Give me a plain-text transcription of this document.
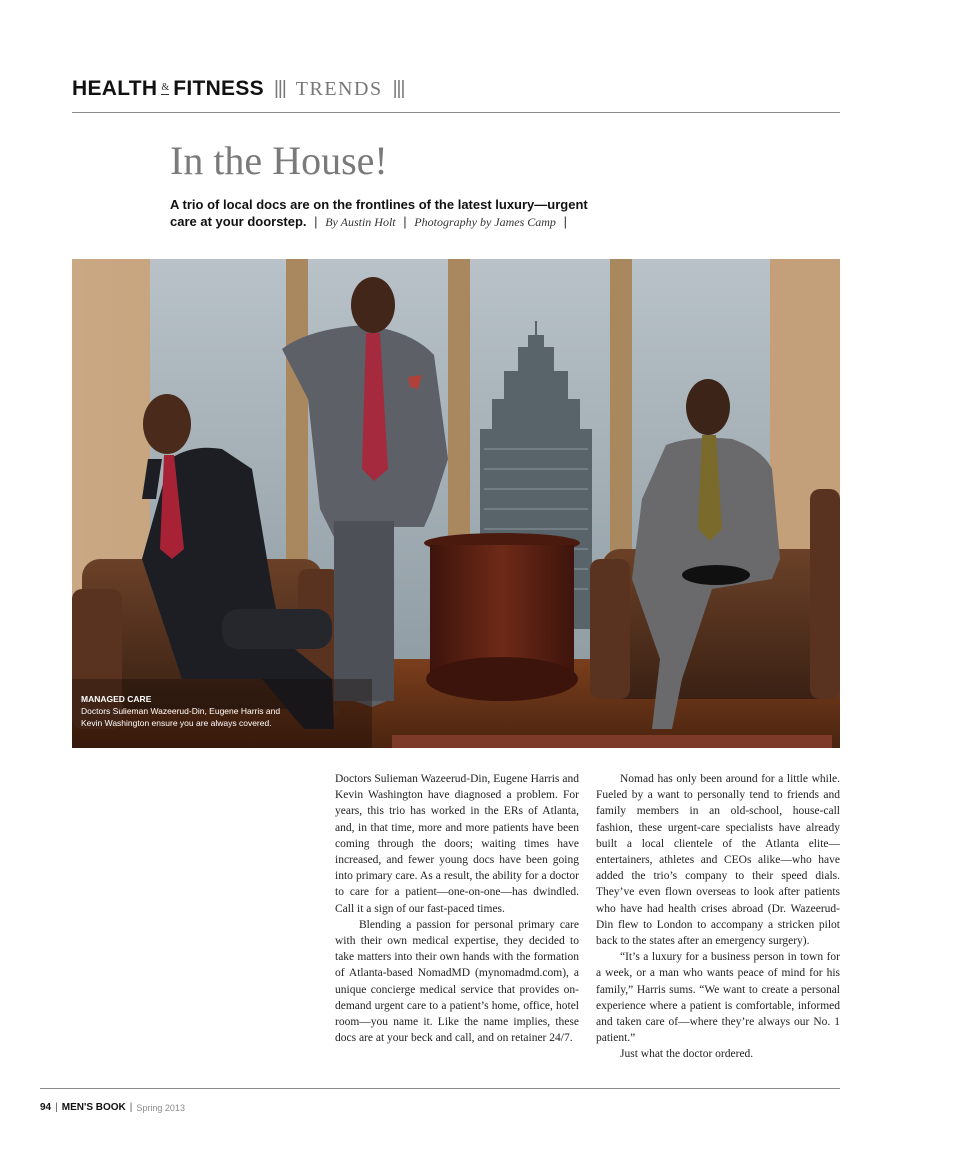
HEALTH & FITNESS ||| TRENDS |||
In the House!
A trio of local docs are on the frontlines of the latest luxury—urgent care at your doorstep. | By Austin Holt | Photography by James Camp |
MANAGED CARE
Doctors Sulieman Wazeerud-Din, Eugene Harris and Kevin Washington ensure you are always covered.

Doctors Sulieman Wazeerud-Din, Eugene Harris and Kevin Washington have diagnosed a problem. For years, this trio has worked in the ERs of Atlanta, and, in that time, more and more patients have been coming through the doors; waiting times have increased, and fewer young docs have been going into primary care. As a result, the ability for a doctor to care for a patient—one-on-one—has dwindled. Call it a sign of our fast-paced times.

Blending a passion for personal primary care with their own medical expertise, they decided to take matters into their own hands with the formation of Atlanta-based NomadMD (mynomadmd.com), a unique concierge medical service that provides on-demand urgent care to a patient’s home, office, hotel room—you name it. Like the name implies, these docs are at your beck and call, and on retainer 24/7.

Nomad has only been around for a little while. Fueled by a want to personally tend to friends and family members in an old-school, house-call fashion, these urgent-care specialists have already built a local clientele of the Atlanta elite—entertainers, athletes and CEOs alike—who have added the trio’s company to their speed dials. They’ve even flown overseas to look after patients who have had health crises abroad (Dr. Wazeerud-Din flew to London to accompany a stricken pilot back to the states after an emergency surgery).

“It’s a luxury for a business person in town for a week, or a man who wants peace of mind for his family,” Harris sums. “We want to create a personal experience where a patient is comfortable, informed and taken care of—where they’re always our No. 1 patient.”

Just what the doctor ordered.

94 | MEN'S BOOK | Spring 2013
